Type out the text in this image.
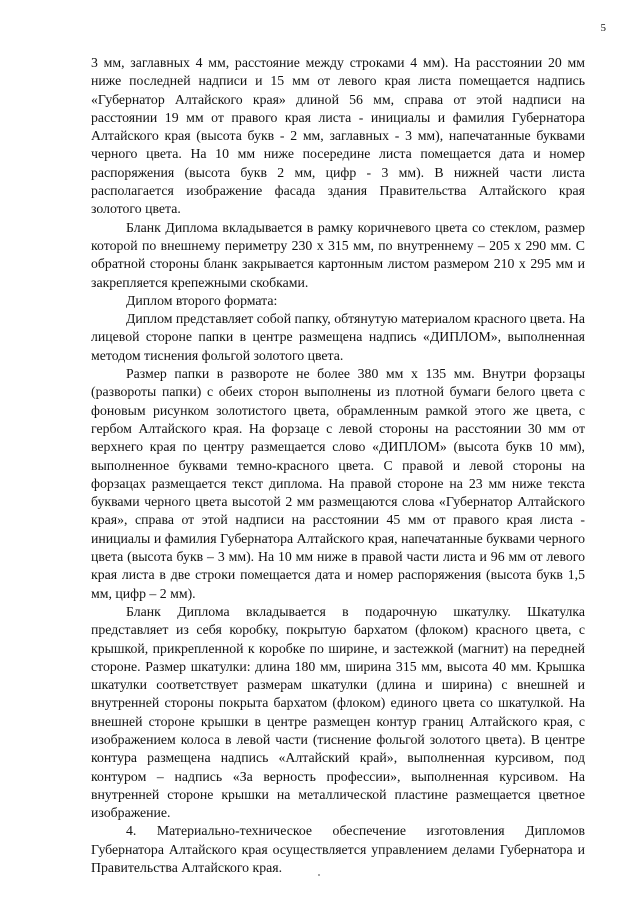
5

3 мм, заглавных 4 мм, расстояние между строками 4 мм). На расстоянии 20 мм ниже последней надписи и 15 мм от левого края листа помещается надпись «Губернатор Алтайского края» длиной 56 мм, справа от этой надписи на расстоянии 19 мм от правого края листа - инициалы и фамилия Губернатора Алтайского края (высота букв - 2 мм, заглавных - 3 мм), напечатанные буквами черного цвета. На 10 мм ниже посередине листа помещается дата и номер распоряжения (высота букв 2 мм, цифр - 3 мм). В нижней части листа располагается изображение фасада здания Правительства Алтайского края золотого цвета.

Бланк Диплома вкладывается в рамку коричневого цвета со стеклом, размер которой по внешнему периметру 230 х 315 мм, по внутреннему – 205 х 290 мм. С обратной стороны бланк закрывается картонным листом размером 210 х 295 мм и закрепляется крепежными скобками.

Диплом второго формата:

Диплом представляет собой папку, обтянутую материалом красного цвета. На лицевой стороне папки в центре размещена надпись «ДИПЛОМ», выполненная методом тиснения фольгой золотого цвета.

Размер папки в развороте не более 380 мм х 135 мм. Внутри форзацы (развороты папки) с обеих сторон выполнены из плотной бумаги белого цвета с фоновым рисунком золотистого цвета, обрамленным рамкой этого же цвета, с гербом Алтайского края. На форзаце с левой стороны на расстоянии 30 мм от верхнего края по центру размещается слово «ДИПЛОМ» (высота букв 10 мм), выполненное буквами темно-красного цвета. С правой и левой стороны на форзацах размещается текст диплома. На правой стороне на 23 мм ниже текста буквами черного цвета высотой 2 мм размещаются слова «Губернатор Алтайского края», справа от этой надписи на расстоянии 45 мм от правого края листа - инициалы и фамилия Губернатора Алтайского края, напечатанные буквами черного цвета (высота букв – 3 мм). На 10 мм ниже в правой части листа и 96 мм от левого края листа в две строки помещается дата и номер распоряжения (высота букв 1,5 мм, цифр – 2 мм).

Бланк Диплома вкладывается в подарочную шкатулку. Шкатулка представляет из себя коробку, покрытую бархатом (флоком) красного цвета, с крышкой, прикрепленной к коробке по ширине, и застежкой (магнит) на передней стороне. Размер шкатулки: длина 180 мм, ширина 315 мм, высота 40 мм. Крышка шкатулки соответствует размерам шкатулки (длина и ширина) с внешней и внутренней стороны покрыта бархатом (флоком) единого цвета со шкатулкой. На внешней стороне крышки в центре размещен контур границ Алтайского края, с изображением колоса в левой части (тиснение фольгой золотого цвета). В центре контура размещена надпись «Алтайский край», выполненная курсивом, под контуром – надпись «За верность профессии», выполненная курсивом. На внутренней стороне крышки на металлической пластине размещается цветное изображение.

4. Материально-техническое обеспечение изготовления Дипломов Губернатора Алтайского края осуществляется управлением делами Губернатора и Правительства Алтайского края.
